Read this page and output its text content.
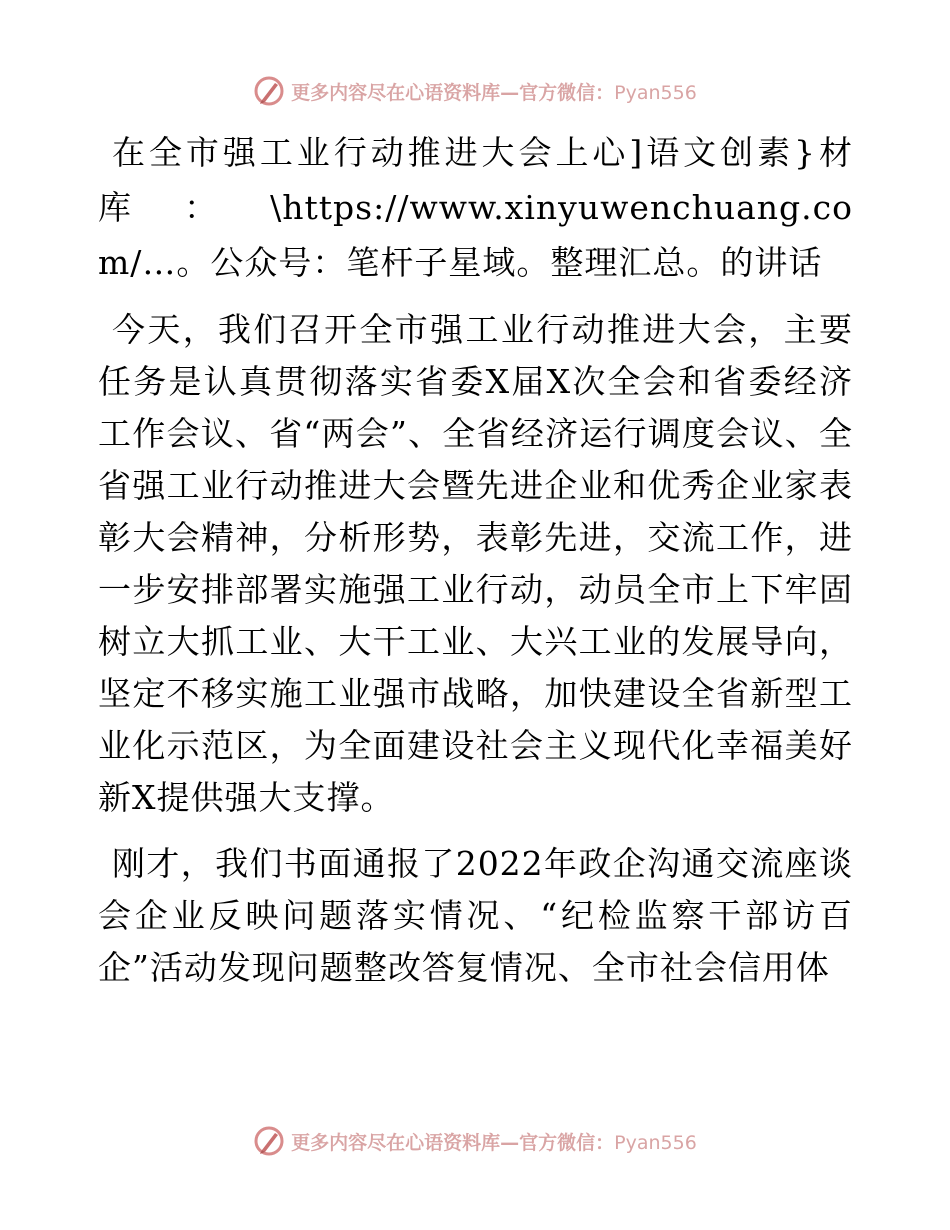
更多内容尽在心语资料库—官方微信：Pyan556

在全市强工业行动推进大会上心]语文创素}材库：\https://www.xinyuwenchuang.com/…。公众号：笔杆子星域。整理汇总。的讲话

今天，我们召开全市强工业行动推进大会，主要任务是认真贯彻落实省委X届X次全会和省委经济工作会议、省“两会”、全省经济运行调度会议、全省强工业行动推进大会暨先进企业和优秀企业家表彰大会精神，分析形势，表彰先进，交流工作，进一步安排部署实施强工业行动，动员全市上下牢固树立大抓工业、大干工业、大兴工业的发展导向，坚定不移实施工业强市战略，加快建设全省新型工业化示范区，为全面建设社会主义现代化幸福美好新X提供强大支撑。

刚才，我们书面通报了2022年政企沟通交流座谈会企业反映问题落实情况、“纪检监察干部访百企”活动发现问题整改答复情况、全市社会信用体

更多内容尽在心语资料库—官方微信：Pyan556
